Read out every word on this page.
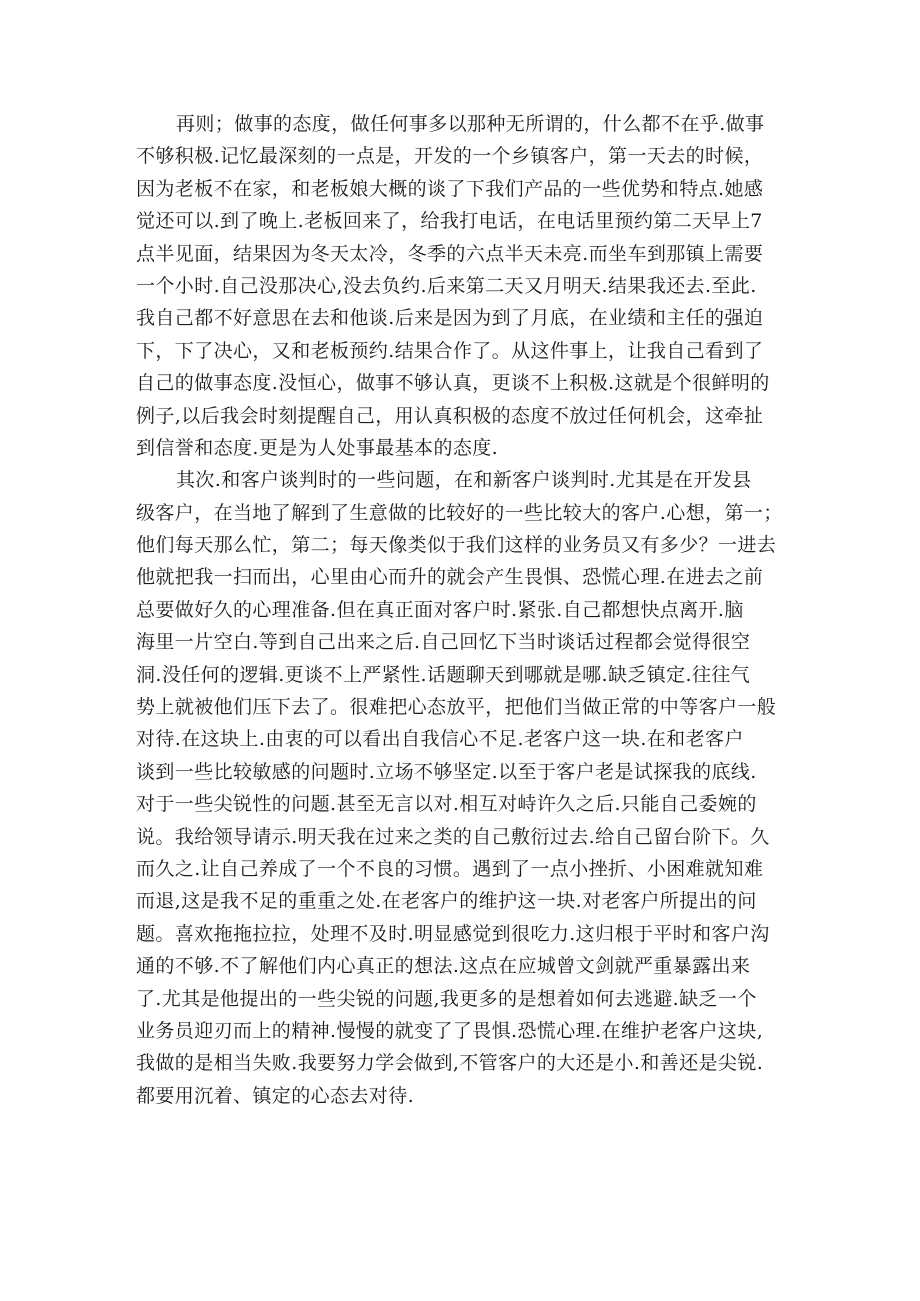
再则；做事的态度，做任何事多以那种无所谓的，什么都不在乎.做事
不够积极.记忆最深刻的一点是，开发的一个乡镇客户，第一天去的时候，
因为老板不在家，和老板娘大概的谈了下我们产品的一些优势和特点.她感
觉还可以.到了晚上.老板回来了，给我打电话，在电话里预约第二天早上7
点半见面，结果因为冬天太冷，冬季的六点半天未亮.而坐车到那镇上需要
一个小时.自己没那决心,没去负约.后来第二天又月明天.结果我还去.至此.
我自己都不好意思在去和他谈.后来是因为到了月底，在业绩和主任的强迫
下，下了决心，又和老板预约.结果合作了。从这件事上，让我自己看到了
自己的做事态度.没恒心，做事不够认真，更谈不上积极.这就是个很鲜明的
例子,以后我会时刻提醒自己，用认真积极的态度不放过任何机会，这牵扯
到信誉和态度.更是为人处事最基本的态度.
其次.和客户谈判时的一些问题，在和新客户谈判时.尤其是在开发县
级客户，在当地了解到了生意做的比较好的一些比较大的客户.心想，第一；
他们每天那么忙，第二；每天像类似于我们这样的业务员又有多少？一进去
他就把我一扫而出，心里由心而升的就会产生畏惧、恐慌心理.在进去之前
总要做好久的心理准备.但在真正面对客户时.紧张.自己都想快点离开.脑
海里一片空白.等到自己出来之后.自己回忆下当时谈话过程都会觉得很空
洞.没任何的逻辑.更谈不上严紧性.话题聊天到哪就是哪.缺乏镇定.往往气
势上就被他们压下去了。很难把心态放平，把他们当做正常的中等客户一般
对待.在这块上.由衷的可以看出自我信心不足.老客户这一块.在和老客户
谈到一些比较敏感的问题时.立场不够坚定.以至于客户老是试探我的底线.
对于一些尖锐性的问题.甚至无言以对.相互对峙许久之后.只能自己委婉的
说。我给领导请示.明天我在过来之类的自己敷衍过去.给自己留台阶下。久
而久之.让自己养成了一个不良的习惯。遇到了一点小挫折、小困难就知难
而退,这是我不足的重重之处.在老客户的维护这一块.对老客户所提出的问
题。喜欢拖拖拉拉，处理不及时.明显感觉到很吃力.这归根于平时和客户沟
通的不够.不了解他们内心真正的想法.这点在应城曾文剑就严重暴露出来
了.尤其是他提出的一些尖锐的问题,我更多的是想着如何去逃避.缺乏一个
业务员迎刃而上的精神.慢慢的就变了了畏惧.恐慌心理.在维护老客户这块,
我做的是相当失败.我要努力学会做到,不管客户的大还是小.和善还是尖锐.
都要用沉着、镇定的心态去对待.
